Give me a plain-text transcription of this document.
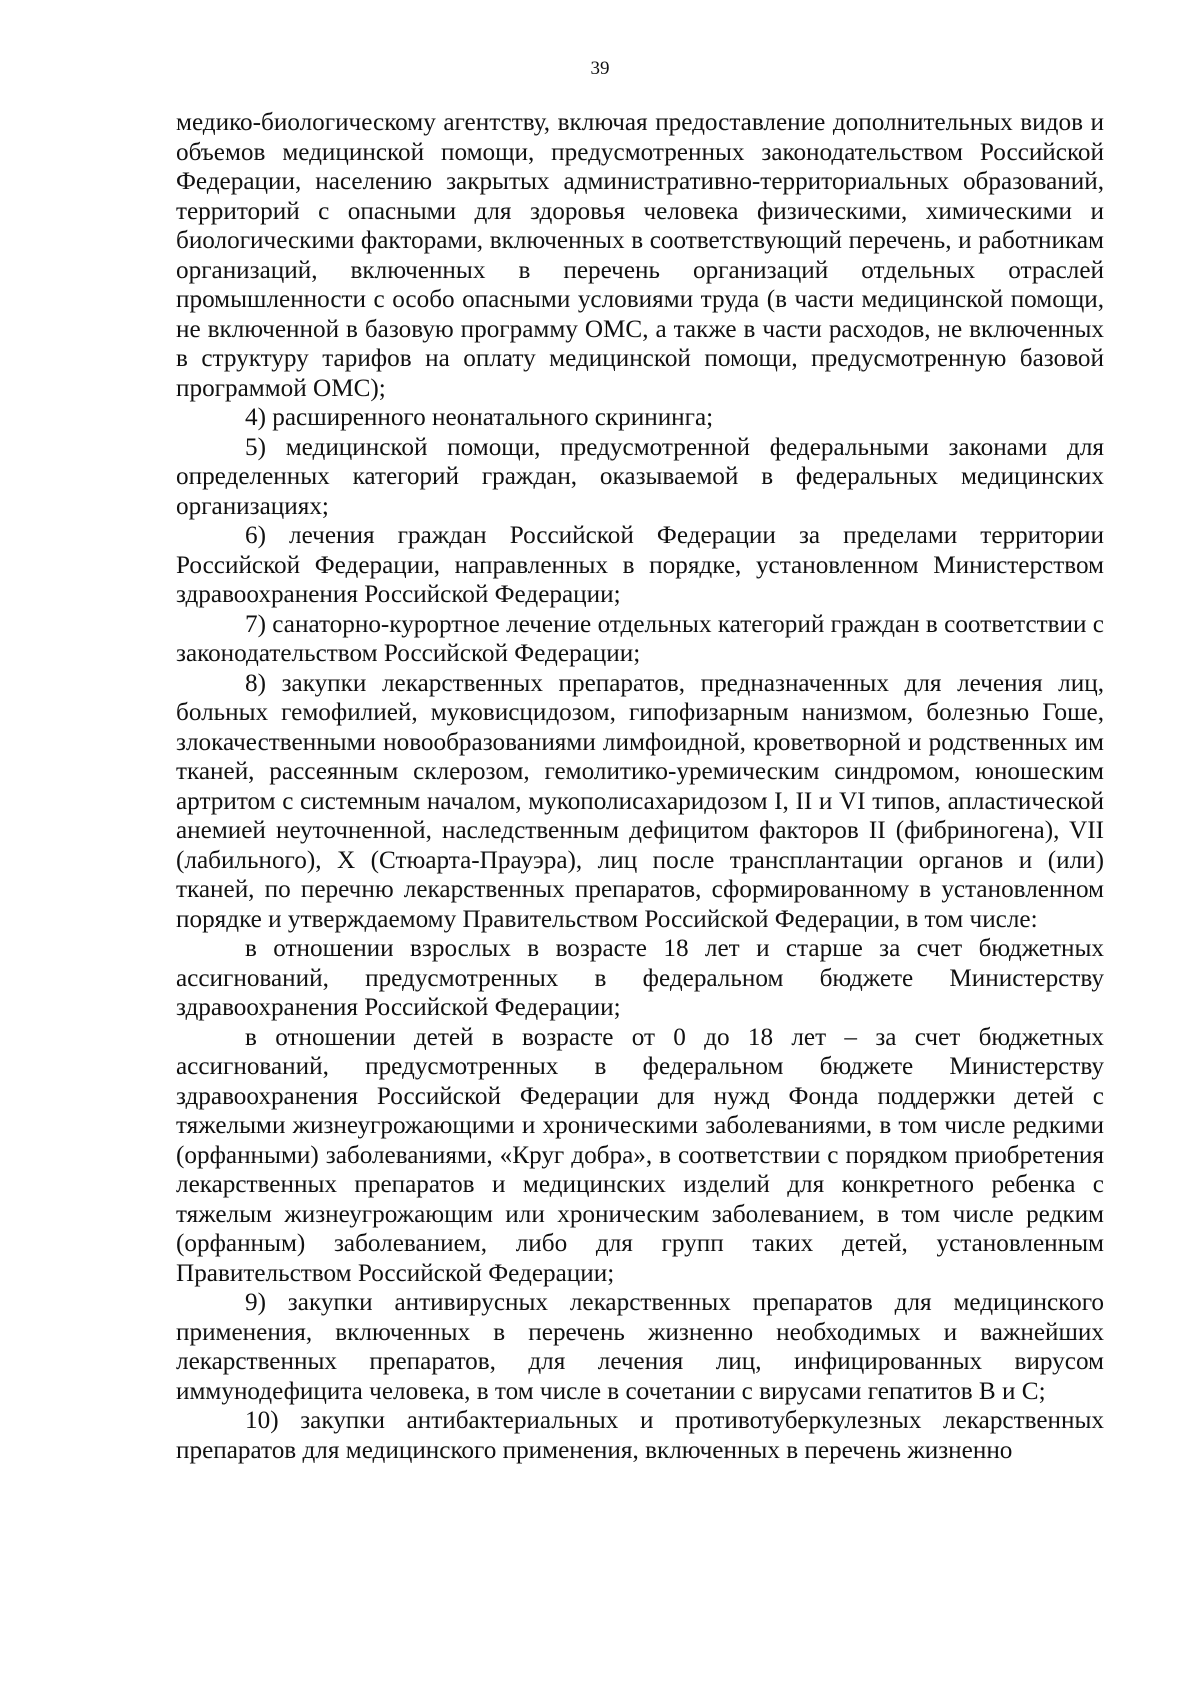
39

медико-биологическому агентству, включая предоставление дополнительных видов и объемов медицинской помощи, предусмотренных законодательством Российской Федерации, населению закрытых административно-территориальных образований, территорий с опасными для здоровья человека физическими, химическими и биологическими факторами, включенных в соответствующий перечень, и работникам организаций, включенных в перечень организаций отдельных отраслей промышленности с особо опасными условиями труда (в части медицинской помощи, не включенной в базовую программу ОМС, а также в части расходов, не включенных в структуру тарифов на оплату медицинской помощи, предусмотренную базовой программой ОМС);

4) расширенного неонатального скрининга;

5) медицинской помощи, предусмотренной федеральными законами для определенных категорий граждан, оказываемой в федеральных медицинских организациях;

6) лечения граждан Российской Федерации за пределами территории Российской Федерации, направленных в порядке, установленном Министерством здравоохранения Российской Федерации;

7) санаторно-курортное лечение отдельных категорий граждан в соответствии с законодательством Российской Федерации;

8) закупки лекарственных препаратов, предназначенных для лечения лиц, больных гемофилией, муковисцидозом, гипофизарным нанизмом, болезнью Гоше, злокачественными новообразованиями лимфоидной, кроветворной и родственных им тканей, рассеянным склерозом, гемолитико-уремическим синдромом, юношеским артритом с системным началом, мукополисахаридозом I, II и VI типов, апластической анемией неуточненной, наследственным дефицитом факторов II (фибриногена), VII (лабильного), X (Стюарта-Прауэра), лиц после трансплантации органов и (или) тканей, по перечню лекарственных препаратов, сформированному в установленном порядке и утверждаемому Правительством Российской Федерации, в том числе:

в отношении взрослых в возрасте 18 лет и старше за счет бюджетных ассигнований, предусмотренных в федеральном бюджете Министерству здравоохранения Российской Федерации;

в отношении детей в возрасте от 0 до 18 лет – за счет бюджетных ассигнований, предусмотренных в федеральном бюджете Министерству здравоохранения Российской Федерации для нужд Фонда поддержки детей с тяжелыми жизнеугрожающими и хроническими заболеваниями, в том числе редкими (орфанными) заболеваниями, «Круг добра», в соответствии с порядком приобретения лекарственных препаратов и медицинских изделий для конкретного ребенка с тяжелым жизнеугрожающим или хроническим заболеванием, в том числе редким (орфанным) заболеванием, либо для групп таких детей, установленным Правительством Российской Федерации;

9) закупки антивирусных лекарственных препаратов для медицинского применения, включенных в перечень жизненно необходимых и важнейших лекарственных препаратов, для лечения лиц, инфицированных вирусом иммунодефицита человека, в том числе в сочетании с вирусами гепатитов B и C;

10) закупки антибактериальных и противотуберкулезных лекарственных препаратов для медицинского применения, включенных в перечень жизненно
